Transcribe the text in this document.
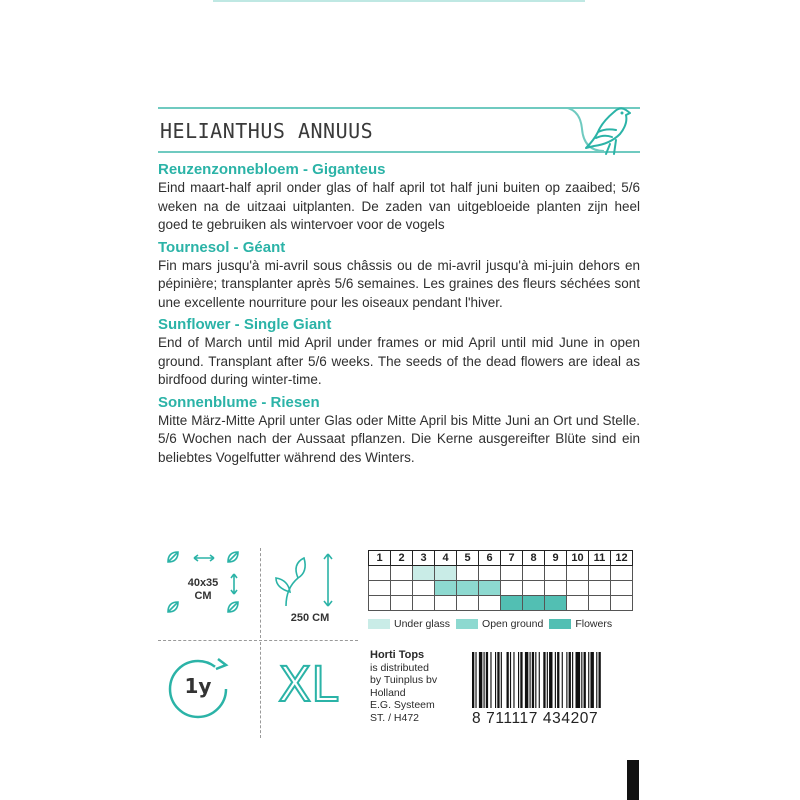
HELIANTHUS ANNUUS
Reuzenzonnebloem - Giganteus

Eind maart-half april onder glas of half april tot half juni buiten op zaaibed; 5/6 weken na de uitzaai uitplanten. De zaden van uitgebloeide planten zijn heel goed te gebruiken als wintervoer voor de vogels

Tournesol - Géant

Fin mars jusqu'à mi-avril sous châssis ou de mi-avril jusqu'à mi-juin dehors en pépinière; transplanter après 5/6 semaines. Les graines des fleurs séchées sont une excellente nourriture pour les oiseaux pendant l'hiver.

Sunflower - Single Giant

End of March until mid April under frames or mid April until mid June in open ground. Transplant after 5/6 weeks. The seeds of the dead flowers are ideal as birdfood during winter-time.

Sonnenblume - Riesen

Mitte März-Mitte April unter Glas oder Mitte April bis Mitte Juni an Ort und Stelle. 5/6 Wochen nach der Aussaat pflanzen. Die Kerne ausgereifter Blüte sind ein beliebtes Vogelfutter während des Winters.

40x35
CM
250 CM
1y XL
1	2	3	4	5	6	7	8	9	10	11	12

Under glass	Open ground	Flowers
Horti Tops
is distributed
by Tuinplus bv
Holland
E.G. Systeem
ST. / H472	8 711117 434207
